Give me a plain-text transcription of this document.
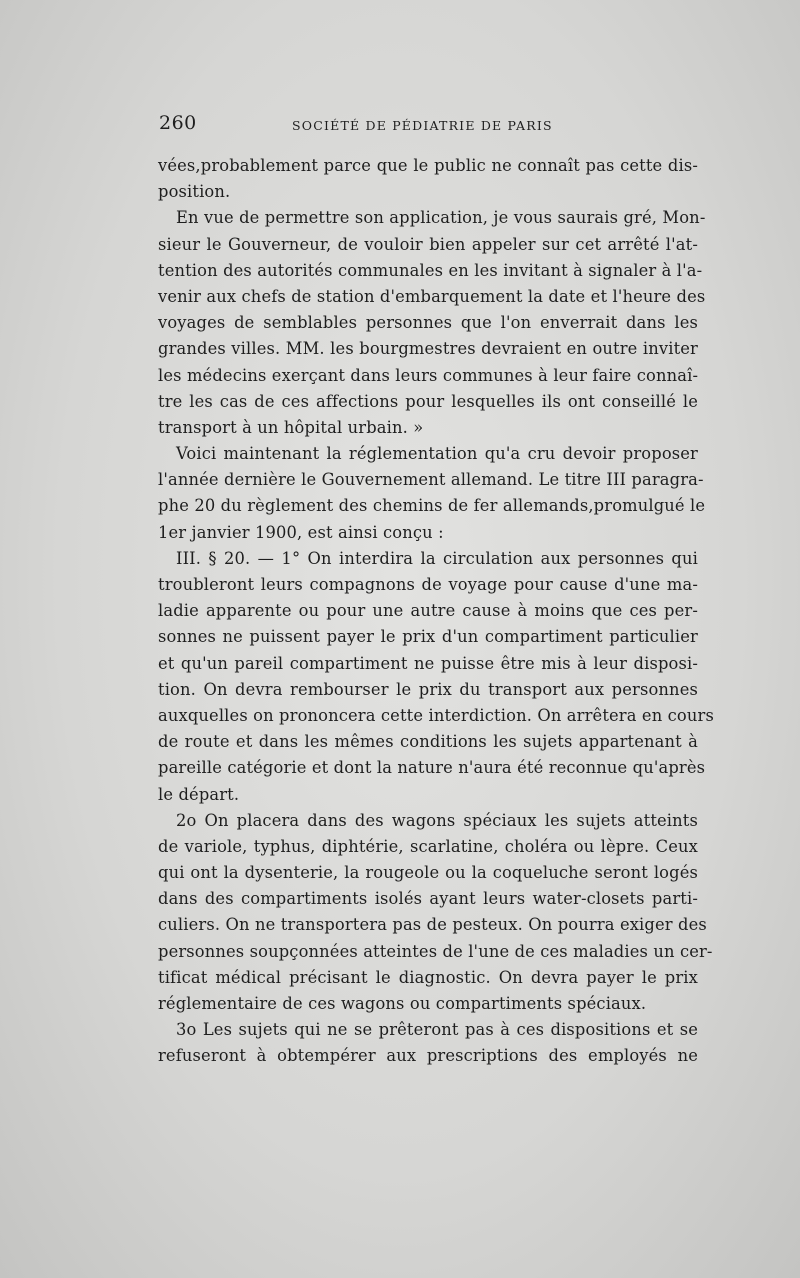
260	SOCIÉTÉ DE PÉDIATRIE DE PARIS
vées,probablement parce que le public ne connaît pas cette dis-
position.
En vue de permettre son application, je vous saurais gré, Mon-
sieur le Gouverneur, de vouloir bien appeler sur cet arrêté l'at-
tention des autorités communales en les invitant à signaler à l'a-
venir aux chefs de station d'embarquement la date et l'heure des
voyages de semblables personnes que l'on enverrait dans les
grandes villes. MM. les bourgmestres devraient en outre inviter
les médecins exerçant dans leurs communes à leur faire connaî-
tre les cas de ces affections pour lesquelles ils ont conseillé le
transport à un hôpital urbain. »
Voici maintenant la réglementation qu'a cru devoir proposer
l'année dernière le Gouvernement allemand. Le titre III paragra-
phe 20 du règlement des chemins de fer allemands,promulgué le
1er janvier 1900, est ainsi conçu :
III. § 20. — 1° On interdira la circulation aux personnes qui
troubleront leurs compagnons de voyage pour cause d'une ma-
ladie apparente ou pour une autre cause à moins que ces per-
sonnes ne puissent payer le prix d'un compartiment particulier
et qu'un pareil compartiment ne puisse être mis à leur disposi-
tion. On devra rembourser le prix du transport aux personnes
auxquelles on prononcera cette interdiction. On arrêtera en cours
de route et dans les mêmes conditions les sujets appartenant à
pareille catégorie et dont la nature n'aura été reconnue qu'après
le départ.
2o On placera dans des wagons spéciaux les sujets atteints
de variole, typhus, diphtérie, scarlatine, choléra ou lèpre. Ceux
qui ont la dysenterie, la rougeole ou la coqueluche seront logés
dans des compartiments isolés ayant leurs water-closets parti-
culiers. On ne transportera pas de pesteux. On pourra exiger des
personnes soupçonnées atteintes de l'une de ces maladies un cer-
tificat médical précisant le diagnostic. On devra payer le prix
réglementaire de ces wagons ou compartiments spéciaux.
3o Les sujets qui ne se prêteront pas à ces dispositions et se
refuseront à obtempérer aux prescriptions des employés ne
